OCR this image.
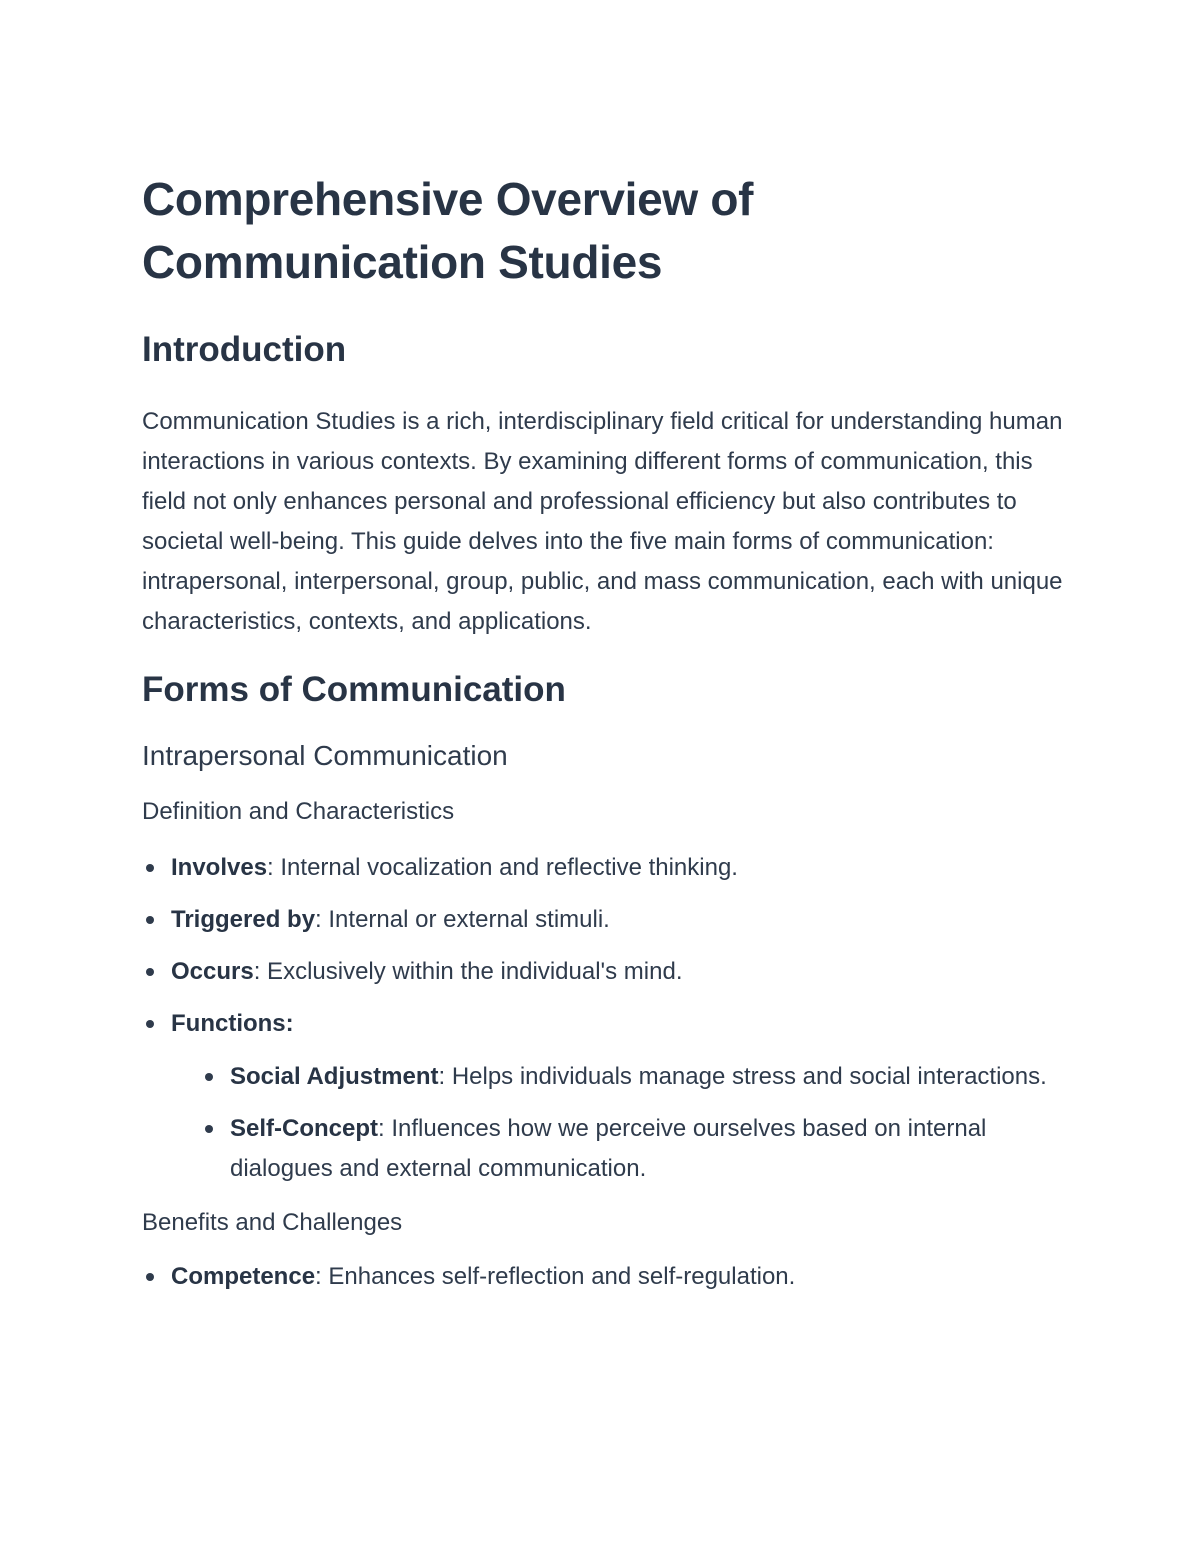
Comprehensive Overview of Communication Studies
Introduction

Communication Studies is a rich, interdisciplinary field critical for understanding human interactions in various contexts. By examining different forms of communication, this field not only enhances personal and professional efficiency but also contributes to societal well-being. This guide delves into the five main forms of communication: intrapersonal, interpersonal, group, public, and mass communication, each with unique characteristics, contexts, and applications.

Forms of Communication
Intrapersonal Communication
Definition and Characteristics
Involves: Internal vocalization and reflective thinking.
Triggered by: Internal or external stimuli.
Occurs: Exclusively within the individual's mind.
Functions:
Social Adjustment: Helps individuals manage stress and social interactions.
Self-Concept: Influences how we perceive ourselves based on internal dialogues and external communication.
Benefits and Challenges
Competence: Enhances self-reflection and self-regulation.
